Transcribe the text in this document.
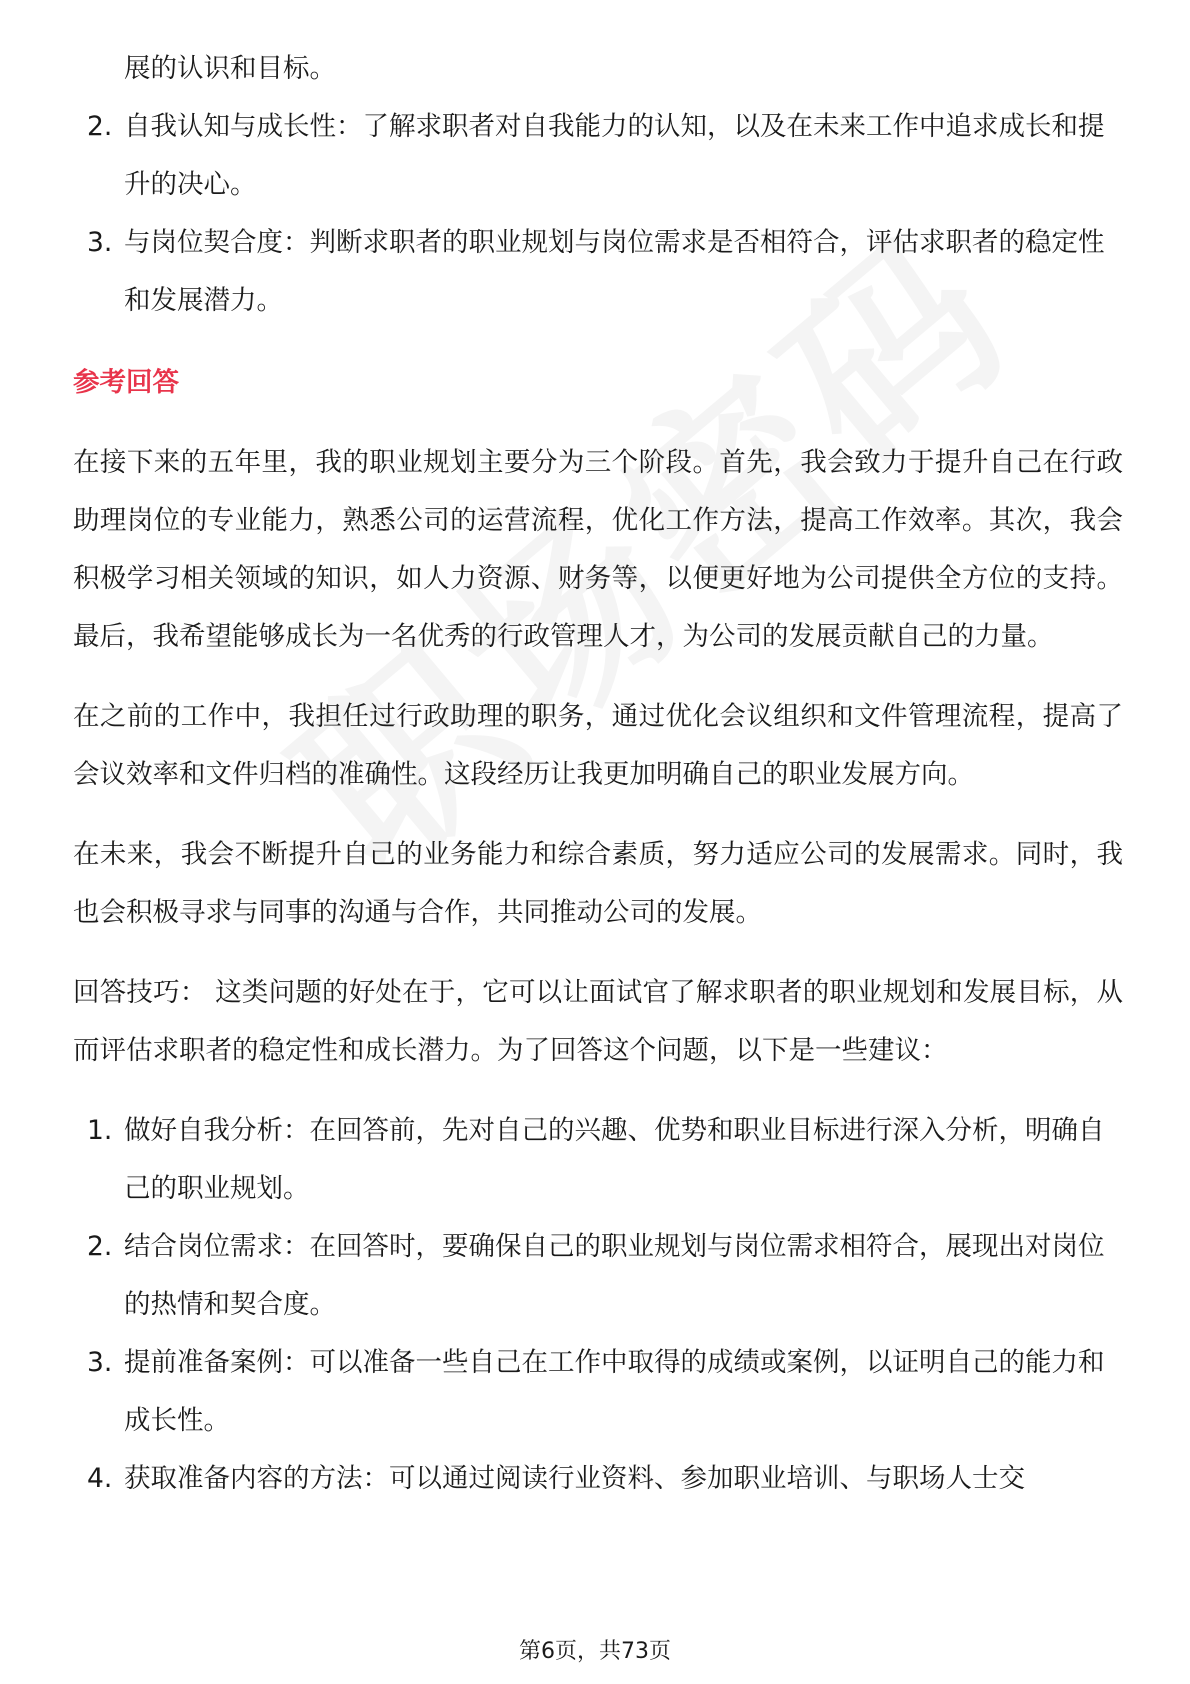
展的认识和目标。
2. 自我认知与成长性：了解求职者对自我能力的认知，以及在未来工作中追求成长和提升的决心。
3. 与岗位契合度：判断求职者的职业规划与岗位需求是否相符合，评估求职者的稳定性和发展潜力。
参考回答

在接下来的五年里，我的职业规划主要分为三个阶段。首先，我会致力于提升自己在行政助理岗位的专业能力，熟悉公司的运营流程，优化工作方法，提高工作效率。其次，我会积极学习相关领域的知识，如人力资源、财务等，以便更好地为公司提供全方位的支持。最后，我希望能够成长为一名优秀的行政管理人才，为公司的发展贡献自己的力量。

在之前的工作中，我担任过行政助理的职务，通过优化会议组织和文件管理流程，提高了会议效率和文件归档的准确性。这段经历让我更加明确自己的职业发展方向。

在未来，我会不断提升自己的业务能力和综合素质，努力适应公司的发展需求。同时，我也会积极寻求与同事的沟通与合作，共同推动公司的发展。

回答技巧： 这类问题的好处在于，它可以让面试官了解求职者的职业规划和发展目标，从而评估求职者的稳定性和成长潜力。为了回答这个问题，以下是一些建议：

1. 做好自我分析：在回答前，先对自己的兴趣、优势和职业目标进行深入分析，明确自己的职业规划。
2. 结合岗位需求：在回答时，要确保自己的职业规划与岗位需求相符合，展现出对岗位的热情和契合度。
3. 提前准备案例：可以准备一些自己在工作中取得的成绩或案例，以证明自己的能力和成长性。
4. 获取准备内容的方法：可以通过阅读行业资料、参加职业培训、与职场人士交
第6页，共73页
